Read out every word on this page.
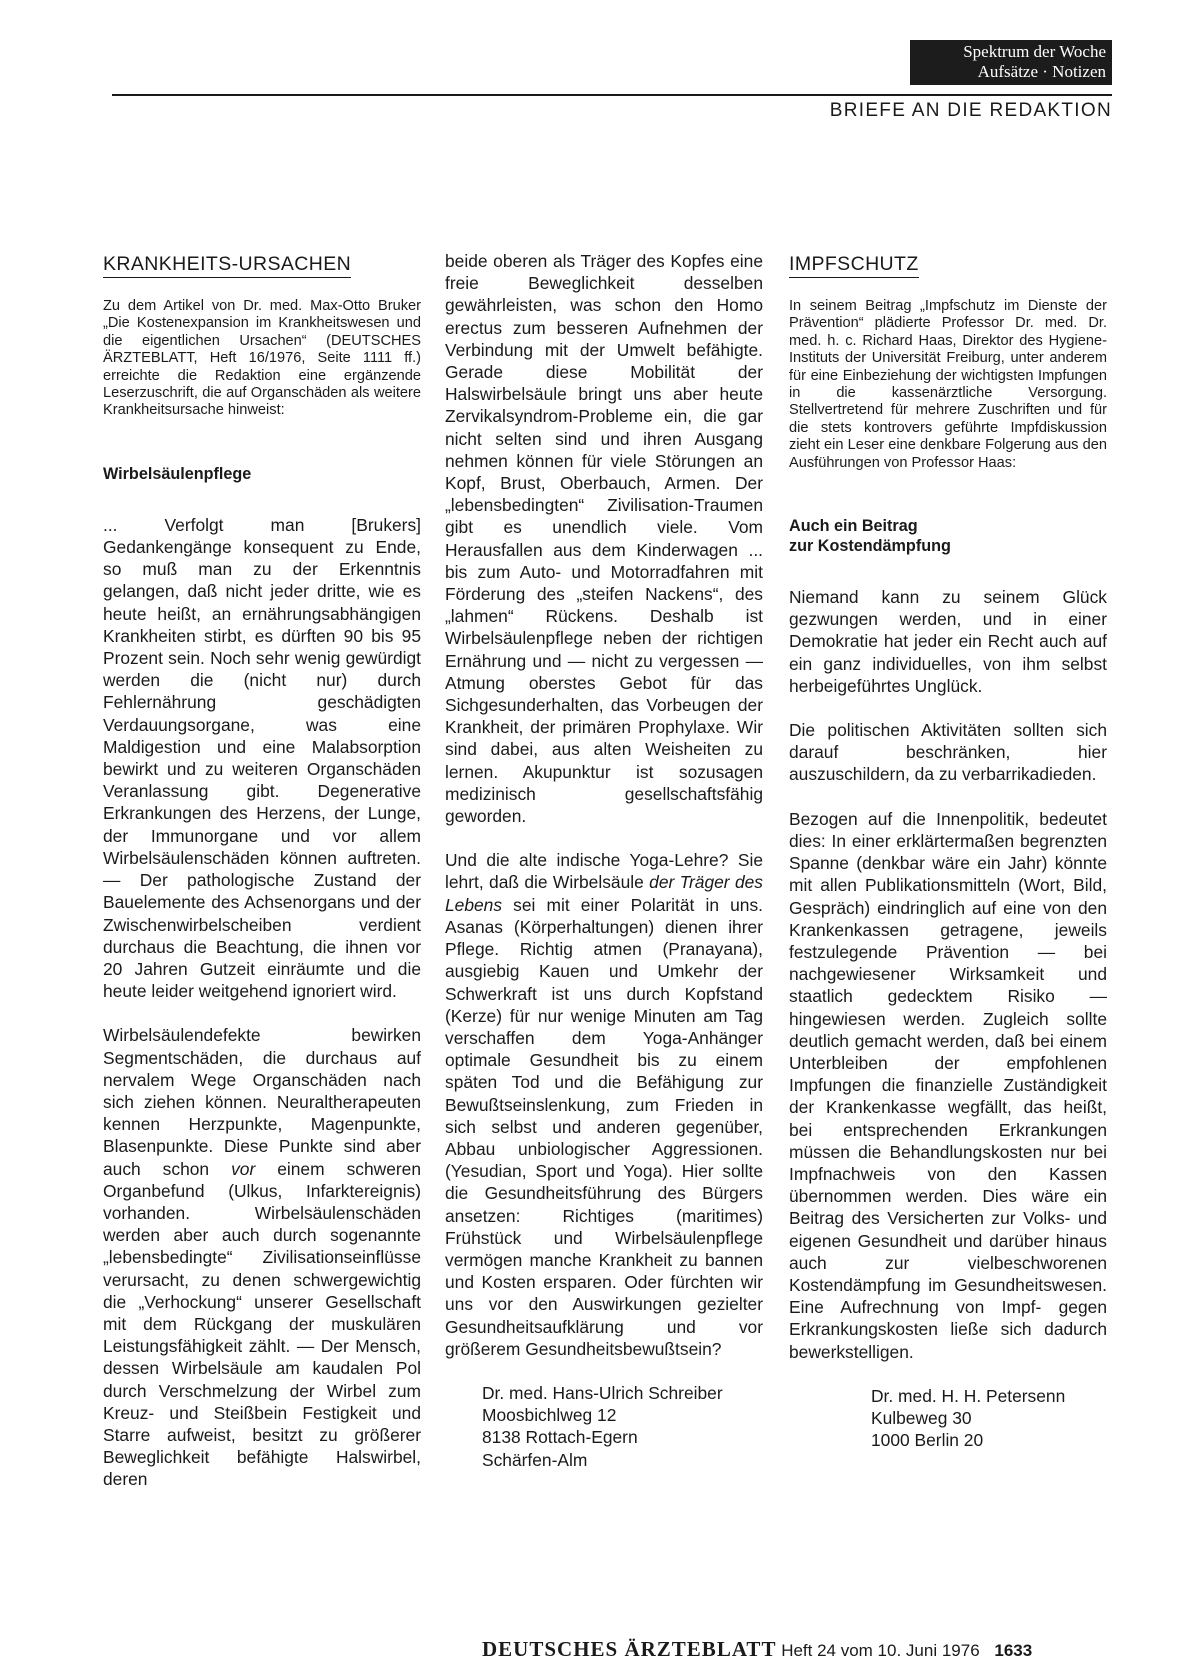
Spektrum der Woche
Aufsätze · Notizen
BRIEFE AN DIE REDAKTION
KRANKHEITS-URSACHEN

Zu dem Artikel von Dr. med. Max-Otto Bruker „Die Kostenexpansion im Krankheitswesen und die eigentlichen Ursachen“ (DEUTSCHES ÄRZTEBLATT, Heft 16/1976, Seite 1111 ff.) erreichte die Redaktion eine ergänzende Leserzuschrift, die auf Organschäden als weitere Krankheitsursache hinweist:

Wirbelsäulenpflege

... Verfolgt man [Brukers] Gedankengänge konsequent zu Ende, so muß man zu der Erkenntnis gelangen, daß nicht jeder dritte, wie es heute heißt, an ernährungsabhängigen Krankheiten stirbt, es dürften 90 bis 95 Prozent sein. Noch sehr wenig gewürdigt werden die (nicht nur) durch Fehlernährung geschädigten Verdauungsorgane, was eine Maldigestion und eine Malabsorption bewirkt und zu weiteren Organschäden Veranlassung gibt. Degenerative Erkrankungen des Herzens, der Lunge, der Immunorgane und vor allem Wirbelsäulenschäden können auftreten. — Der pathologische Zustand der Bauelemente des Achsenorgans und der Zwischenwirbelscheiben verdient durchaus die Beachtung, die ihnen vor 20 Jahren Gutzeit einräumte und die heute leider weitgehend ignoriert wird.

Wirbelsäulendefekte bewirken Segmentschäden, die durchaus auf nervalem Wege Organschäden nach sich ziehen können. Neuraltherapeuten kennen Herzpunkte, Magenpunkte, Blasenpunkte. Diese Punkte sind aber auch schon vor einem schweren Organbefund (Ulkus, Infarktereignis) vorhanden. Wirbelsäulenschäden werden aber auch durch sogenannte „lebensbedingte“ Zivilisationseinflüsse verursacht, zu denen schwergewichtig die „Verhockung“ unserer Gesellschaft mit dem Rückgang der muskulären Leistungsfähigkeit zählt. — Der Mensch, dessen Wirbelsäule am kaudalen Pol durch Verschmelzung der Wirbel zum Kreuz- und Steißbein Festigkeit und Starre aufweist, besitzt zu größerer Beweglichkeit befähigte Halswirbel, deren

beide oberen als Träger des Kopfes eine freie Beweglichkeit desselben gewährleisten, was schon den Homo erectus zum besseren Aufnehmen der Verbindung mit der Umwelt befähigte. Gerade diese Mobilität der Halswirbelsäule bringt uns aber heute Zervikalsyndrom-Probleme ein, die gar nicht selten sind und ihren Ausgang nehmen können für viele Störungen an Kopf, Brust, Oberbauch, Armen. Der „lebensbedingten“ Zivilisation-Traumen gibt es unendlich viele. Vom Herausfallen aus dem Kinderwagen ... bis zum Auto- und Motorradfahren mit Förderung des „steifen Nackens“, des „lahmen“ Rückens. Deshalb ist Wirbelsäulenpflege neben der richtigen Ernährung und — nicht zu vergessen — Atmung oberstes Gebot für das Sichgesunderhalten, das Vorbeugen der Krankheit, der primären Prophylaxe. Wir sind dabei, aus alten Weisheiten zu lernen. Akupunktur ist sozusagen medizinisch gesellschaftsfähig geworden.

Und die alte indische Yoga-Lehre? Sie lehrt, daß die Wirbelsäule der Träger des Lebens sei mit einer Polarität in uns. Asanas (Körperhaltungen) dienen ihrer Pflege. Richtig atmen (Pranayana), ausgiebig Kauen und Umkehr der Schwerkraft ist uns durch Kopfstand (Kerze) für nur wenige Minuten am Tag verschaffen dem Yoga-Anhänger optimale Gesundheit bis zu einem späten Tod und die Befähigung zur Bewußtseinslenkung, zum Frieden in sich selbst und anderen gegenüber, Abbau unbiologischer Aggressionen. (Yesudian, Sport und Yoga). Hier sollte die Gesundheitsführung des Bürgers ansetzen: Richtiges (maritimes) Frühstück und Wirbelsäulenpflege vermögen manche Krankheit zu bannen und Kosten ersparen. Oder fürchten wir uns vor den Auswirkungen gezielter Gesundheitsaufklärung und vor größerem Gesundheitsbewußtsein?

Dr. med. Hans-Ulrich Schreiber

Moosbichlweg 12

8138 Rottach-Egern

Schärfen-Alm

IMPFSCHUTZ

In seinem Beitrag „Impfschutz im Dienste der Prävention“ plädierte Professor Dr. med. Dr. med. h. c. Richard Haas, Direktor des Hygiene-Instituts der Universität Freiburg, unter anderem für eine Einbeziehung der wichtigsten Impfungen in die kassenärztliche Versorgung. Stellvertretend für mehrere Zuschriften und für die stets kontrovers geführte Impfdiskussion zieht ein Leser eine denkbare Folgerung aus den Ausführungen von Professor Haas:

Auch ein Beitrag
zur Kostendämpfung

Niemand kann zu seinem Glück gezwungen werden, und in einer Demokratie hat jeder ein Recht auch auf ein ganz individuelles, von ihm selbst herbeigeführtes Unglück.

Die politischen Aktivitäten sollten sich darauf beschränken, hier auszuschildern, da zu verbarrikadieden.

Bezogen auf die Innenpolitik, bedeutet dies: In einer erklärtermaßen begrenzten Spanne (denkbar wäre ein Jahr) könnte mit allen Publikationsmitteln (Wort, Bild, Gespräch) eindringlich auf eine von den Krankenkassen getragene, jeweils festzulegende Prävention — bei nachgewiesener Wirksamkeit und staatlich gedecktem Risiko — hingewiesen werden. Zugleich sollte deutlich gemacht werden, daß bei einem Unterbleiben der empfohlenen Impfungen die finanzielle Zuständigkeit der Krankenkasse wegfällt, das heißt, bei entsprechenden Erkrankungen müssen die Behandlungskosten nur bei Impfnachweis von den Kassen übernommen werden. Dies wäre ein Beitrag des Versicherten zur Volks- und eigenen Gesundheit und darüber hinaus auch zur vielbeschworenen Kostendämpfung im Gesundheitswesen. Eine Aufrechnung von Impf- gegen Erkrankungskosten ließe sich dadurch bewerkstelligen.

Dr. med. H. H. Petersenn

Kulbeweg 30

1000 Berlin 20

DEUTSCHES ÄRZTEBLATT Heft 24 vom 10. Juni 1976 1633
